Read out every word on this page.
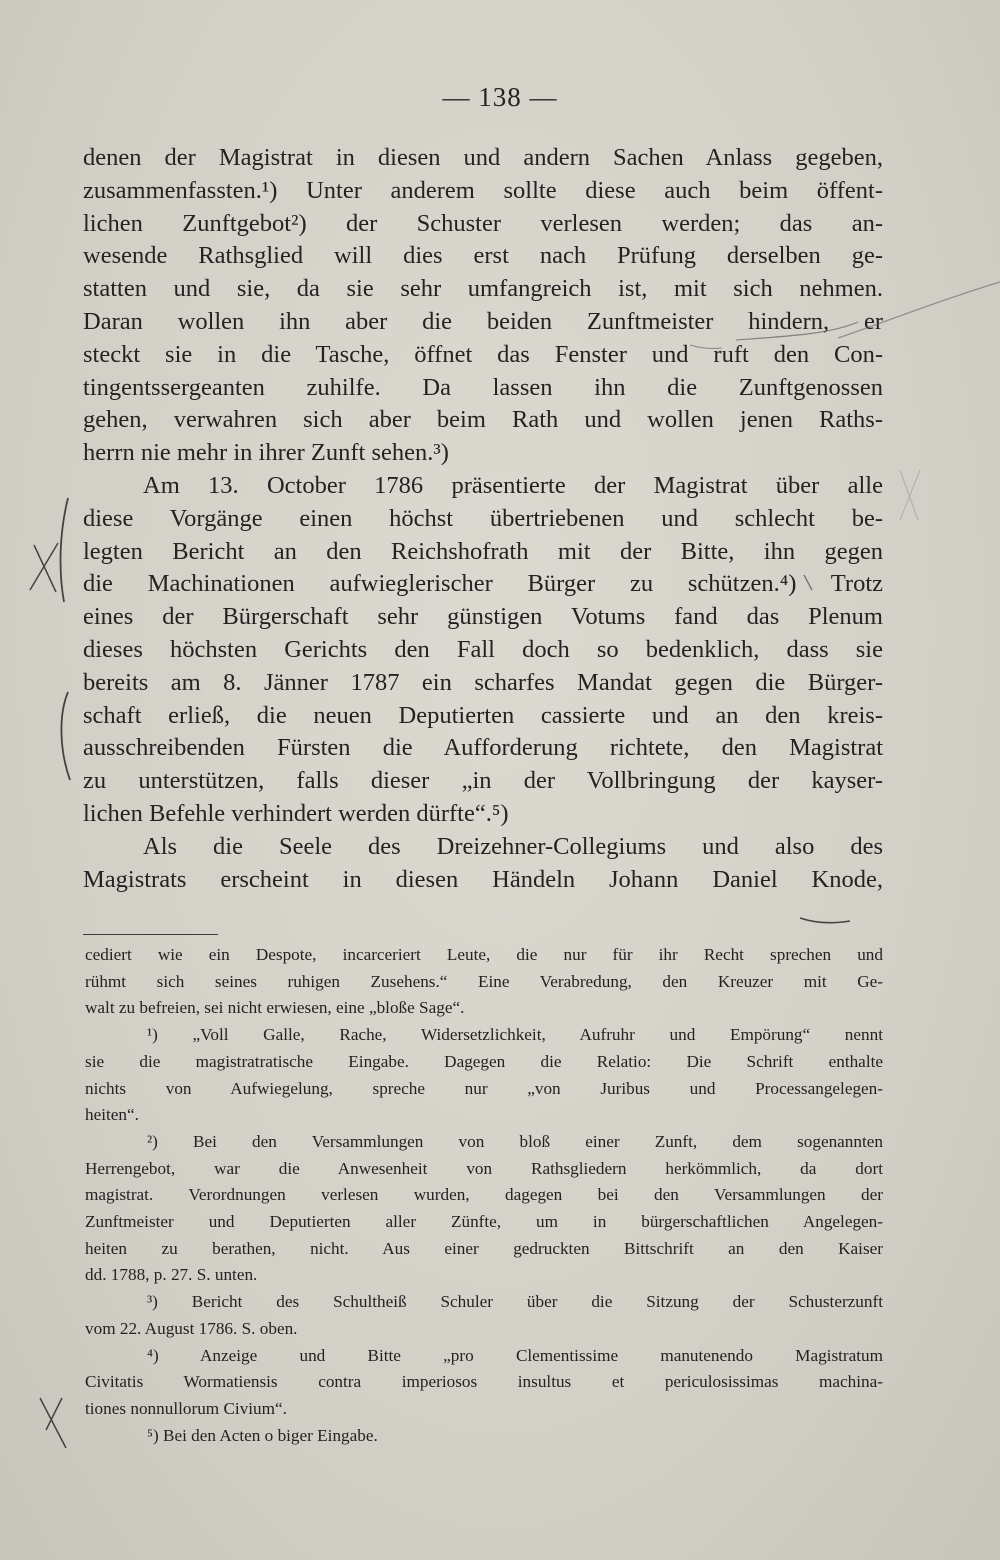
— 138 —

denen der Magistrat in diesen und andern Sachen Anlass gegeben,
zusammenfassten.¹) Unter anderem sollte diese auch beim öffent-
lichen Zunftgebot²) der Schuster verlesen werden; das an-
wesende Rathsglied will dies erst nach Prüfung derselben ge-
statten und sie, da sie sehr umfangreich ist, mit sich nehmen.
Daran wollen ihn aber die beiden Zunftmeister hindern, er
steckt sie in die Tasche, öffnet das Fenster und ruft den Con-
tingentssergeanten zuhilfe. Da lassen ihn die Zunftgenossen
gehen, verwahren sich aber beim Rath und wollen jenen Raths-
herrn nie mehr in ihrer Zunft sehen.³)
Am 13. October 1786 präsentierte der Magistrat über alle
diese Vorgänge einen höchst übertriebenen und schlecht be-
legten Bericht an den Reichshofrath mit der Bitte, ihn gegen
die Machinationen aufwieglerischer Bürger zu schützen.⁴) Trotz
eines der Bürgerschaft sehr günstigen Votums fand das Plenum
dieses höchsten Gerichts den Fall doch so bedenklich, dass sie
bereits am 8. Jänner 1787 ein scharfes Mandat gegen die Bürger-
schaft erließ, die neuen Deputierten cassierte und an den kreis-
ausschreibenden Fürsten die Aufforderung richtete, den Magistrat
zu unterstützen, falls dieser „in der Vollbringung der kayser-
lichen Befehle verhindert werden dürfte“.⁵)
Als die Seele des Dreizehner-Collegiums und also des
Magistrats erscheint in diesen Händeln Johann Daniel Knode,
cediert wie ein Despote, incarceriert Leute, die nur für ihr Recht sprechen und
rühmt sich seines ruhigen Zusehens.“ Eine Verabredung, den Kreuzer mit Ge-
walt zu befreien, sei nicht erwiesen, eine „bloße Sage“.
¹) „Voll Galle, Rache, Widersetzlichkeit, Aufruhr und Empörung“ nennt
sie die magistratratische Eingabe. Dagegen die Relatio: Die Schrift enthalte
nichts von Aufwiegelung, spreche nur „von Juribus und Processangelegen-
heiten“.
²) Bei den Versammlungen von bloß einer Zunft, dem sogenannten
Herrengebot, war die Anwesenheit von Rathsgliedern herkömmlich, da dort
magistrat. Verordnungen verlesen wurden, dagegen bei den Versammlungen der
Zunftmeister und Deputierten aller Zünfte, um in bürgerschaftlichen Angelegen-
heiten zu berathen, nicht. Aus einer gedruckten Bittschrift an den Kaiser
dd. 1788, p. 27. S. unten.
³) Bericht des Schultheiß Schuler über die Sitzung der Schusterzunft
vom 22. August 1786. S. oben.
⁴) Anzeige und Bitte „pro Clementissime manutenendo Magistratum
Civitatis Wormatiensis contra imperiosos insultus et periculosissimas machina-
tiones nonnullorum Civium“.
⁵) Bei den Acten o biger Eingabe.
